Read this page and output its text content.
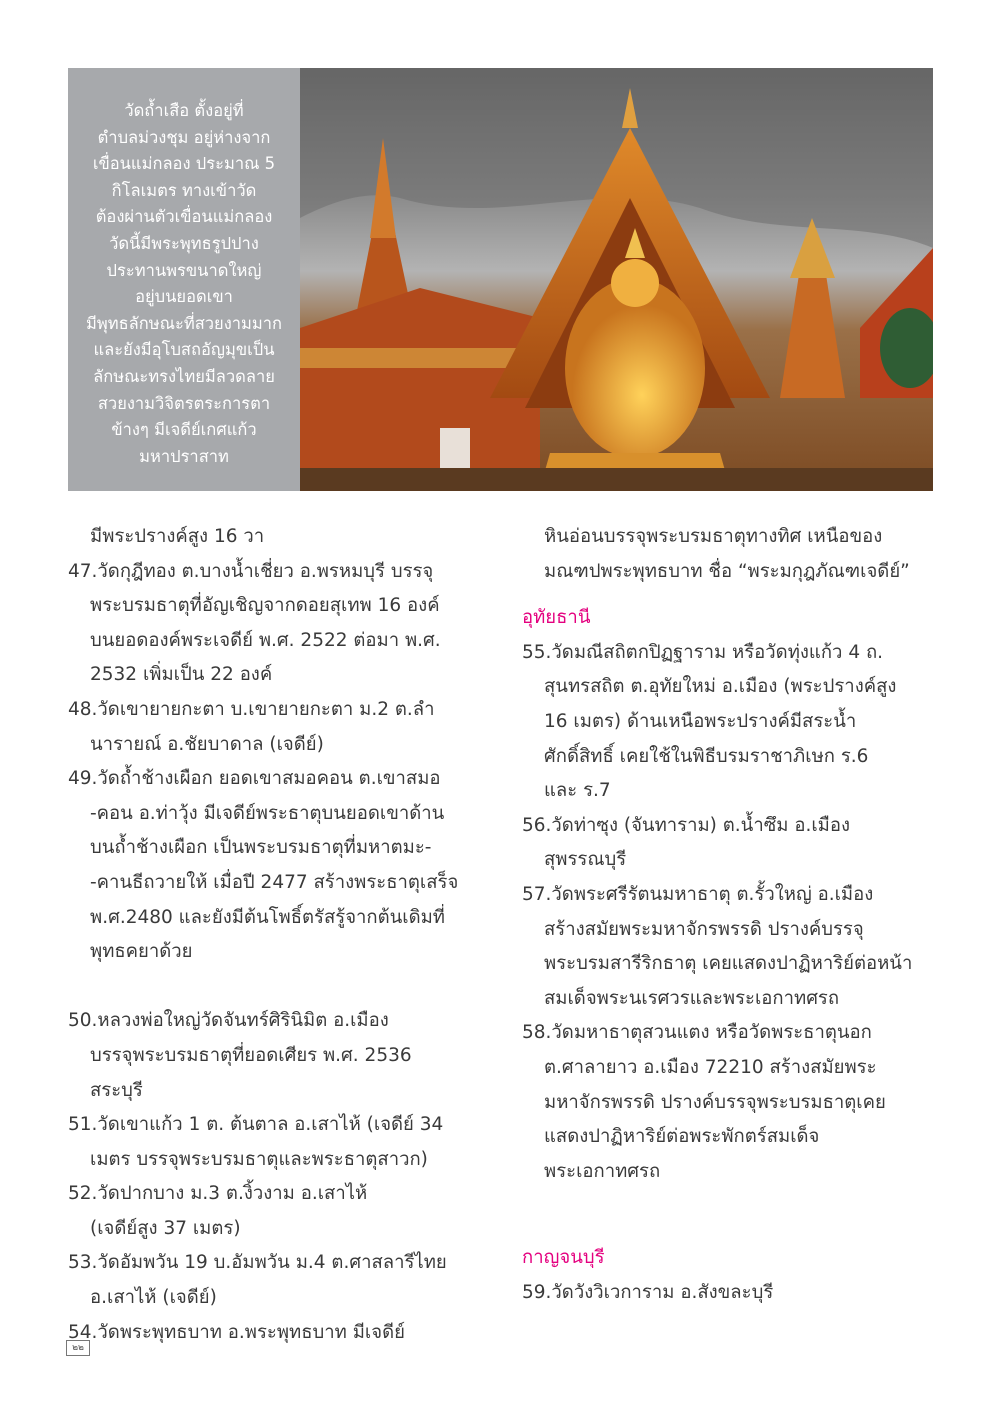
วัดถ้ำเสือ ตั้งอยู่ที่
ตำบลม่วงชุม อยู่ห่างจาก
เขื่อนแม่กลอง ประมาณ 5
กิโลเมตร ทางเข้าวัด
ต้องผ่านตัวเขื่อนแม่กลอง
วัดนี้มีพระพุทธรูปปาง
ประทานพรขนาดใหญ่
อยู่บนยอดเขา
มีพุทธลักษณะที่สวยงามมาก
และยังมีอุโบสถอัญมุขเป็น
ลักษณะทรงไทยมีลวดลาย
สวยงามวิจิตรตระการตา
ข้างๆ มีเจดีย์เกศแก้ว
มหาปราสาท
มีพระปรางค์สูง 16 วา
47.วัดกุฎีทอง ต.บางน้ำเชี่ยว อ.พรหมบุรี บรรจุ
พระบรมธาตุที่อัญเชิญจากดอยสุเทพ 16 องค์
บนยอดองค์พระเจดีย์ พ.ศ. 2522 ต่อมา พ.ศ.
2532 เพิ่มเป็น 22 องค์
48.วัดเขายายกะตา บ.เขายายกะตา ม.2 ต.ลำ
นารายณ์ อ.ชัยบาดาล (เจดีย์)
49.วัดถ้ำช้างเผือก ยอดเขาสมอคอน ต.เขาสมอ
-คอน อ.ท่าวุ้ง มีเจดีย์พระธาตุบนยอดเขาด้าน
บนถ้ำช้างเผือก เป็นพระบรมธาตุที่มหาตมะ-
-คานธีถวายให้ เมื่อปี 2477 สร้างพระธาตุเสร็จ
พ.ศ.2480 และยังมีต้นโพธิ์ตรัสรู้จากต้นเดิมที่
พุทธคยาด้วย
50.หลวงพ่อใหญ่วัดจันทร์ศิรินิมิต อ.เมือง
บรรจุพระบรมธาตุที่ยอดเศียร พ.ศ. 2536
สระบุรี
51.วัดเขาแก้ว 1 ต. ต้นตาล อ.เสาไห้ (เจดีย์ 34
เมตร บรรจุพระบรมธาตุและพระธาตุสาวก)
52.วัดปากบาง ม.3 ต.งิ้วงาม อ.เสาไห้
(เจดีย์สูง 37 เมตร)
53.วัดอัมพวัน 19 บ.อัมพวัน ม.4 ต.ศาสลารีไทย
อ.เสาไห้ (เจดีย์)
54.วัดพระพุทธบาท อ.พระพุทธบาท มีเจดีย์
หินอ่อนบรรจุพระบรมธาตุทางทิศ เหนือของ
มณฑปพระพุทธบาท ชื่อ “พระมกุฎภัณฑเจดีย์”
อุทัยธานี
55.วัดมณีสถิตกปิฏฐาราม หรือวัดทุ่งแก้ว 4 ถ.
สุนทรสถิต ต.อุทัยใหม่ อ.เมือง (พระปรางค์สูง
16 เมตร) ด้านเหนือพระปรางค์มีสระน้ำ
ศักดิ์สิทธิ์ เคยใช้ในพิธีบรมราชาภิเษก ร.6
และ ร.7
56.วัดท่าซุง (จันทาราม) ต.น้ำซึม อ.เมือง
สุพรรณบุรี
57.วัดพระศรีรัตนมหาธาตุ ต.รั้วใหญ่ อ.เมือง
สร้างสมัยพระมหาจักรพรรดิ ปรางค์บรรจุ
พระบรมสารีริกธาตุ เคยแสดงปาฏิหาริย์ต่อหน้า
สมเด็จพระนเรศวรและพระเอกาทศรถ
58.วัดมหาธาตุสวนแตง หรือวัดพระธาตุนอก
ต.ศาลายาว อ.เมือง 72210 สร้างสมัยพระ
มหาจักรพรรดิ ปรางค์บรรจุพระบรมธาตุเคย
แสดงปาฏิหาริย์ต่อพระพักตร์สมเด็จ
พระเอกาทศรถ
กาญจนบุรี
59.วัดวังวิเวการาม อ.สังขละบุรี
๒๒
